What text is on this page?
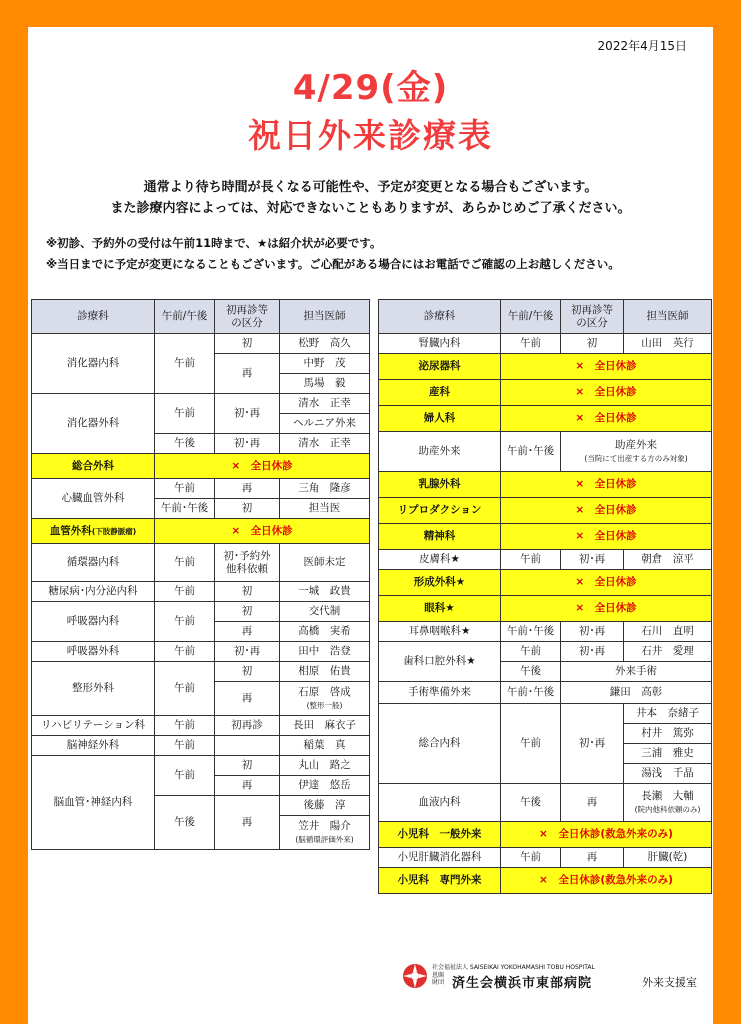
2022年4月15日
4/29(金)
祝日外来診療表
通常より待ち時間が長くなる可能性や、予定が変更となる場合もございます。
また診療内容によっては、対応できないこともありますが、あらかじめご了承ください。
※初診、予約外の受付は午前11時まで、★は紹介状が必要です。
※当日までに予定が変更になることもございます。ご心配がある場合にはお電話でご確認の上お越しください。
診療科	午前/午後	初再診等
の区分	担当医師
消化器内科	午前	初	松野　高久
		再	中野　茂
			馬場　毅
消化器外科	午前	初･再	清水　正幸
			ヘルニア外来
	午後	初･再	清水　正幸
総合外科	×　全日休診		
心臓血管外科	午前	再	三角　隆彦
	午前･午後	初	担当医
血管外科(下肢静脈瘤)	×　全日休診		
循環器内科	午前	初･予約外
他科依頼	医師未定
糖尿病･内分泌内科	午前	初	一城　政貴
呼吸器内科	午前	初	交代制
		再	高橋　実希
呼吸器外科	午前	初･再	田中　浩登
整形外科	午前	初	相原　佑貴
		再	石原　啓成
(整形一般)
リハビリテーション科	午前	初再診	長田　麻衣子
脳神経外科	午前		稲葉　真
脳血管･神経内科	午前	初	丸山　路之
		再	伊達　悠岳
	午後	再	後藤　淳
			笠井　陽介
(脳循環評価外来)
診療科	午前/午後	初再診等
の区分	担当医師
腎臓内科	午前	初	山田　英行
泌尿器科	×　全日休診		
産科	×　全日休診		
婦人科	×　全日休診		
助産外来	午前･午後	助産外来
(当院にて出産する方のみ対象)	
乳腺外科	×　全日休診		
リプロダクション	×　全日休診		
精神科	×　全日休診		
皮膚科★	午前	初･再	朝倉　涼平
形成外科★	×　全日休診		
眼科★	×　全日休診		
耳鼻咽喉科★	午前･午後	初･再	石川　直明
歯科口腔外科★	午前	初･再	石井　愛理
	午後	外来手術	
手術準備外来	午前･午後	鎌田　高彰	
総合内科	午前	初･再	井本　奈緒子
			村井　篤弥
			三浦　雅史
			湯浅　千晶
血液内科	午後	再	長瀬　大輔
(院内他科依頼のみ)
小児科　一般外来	×　全日休診(救急外来のみ)		
小児肝臓消化器科	午前	再	肝臓(乾)
小児科　専門外来	×　全日休診(救急外来のみ)		
社会福祉法人 SAISEIKAI YOKOHAMASHI TOBU HOSPITAL
恩賜
財団 済生会横浜市東部病院	外来支援室
